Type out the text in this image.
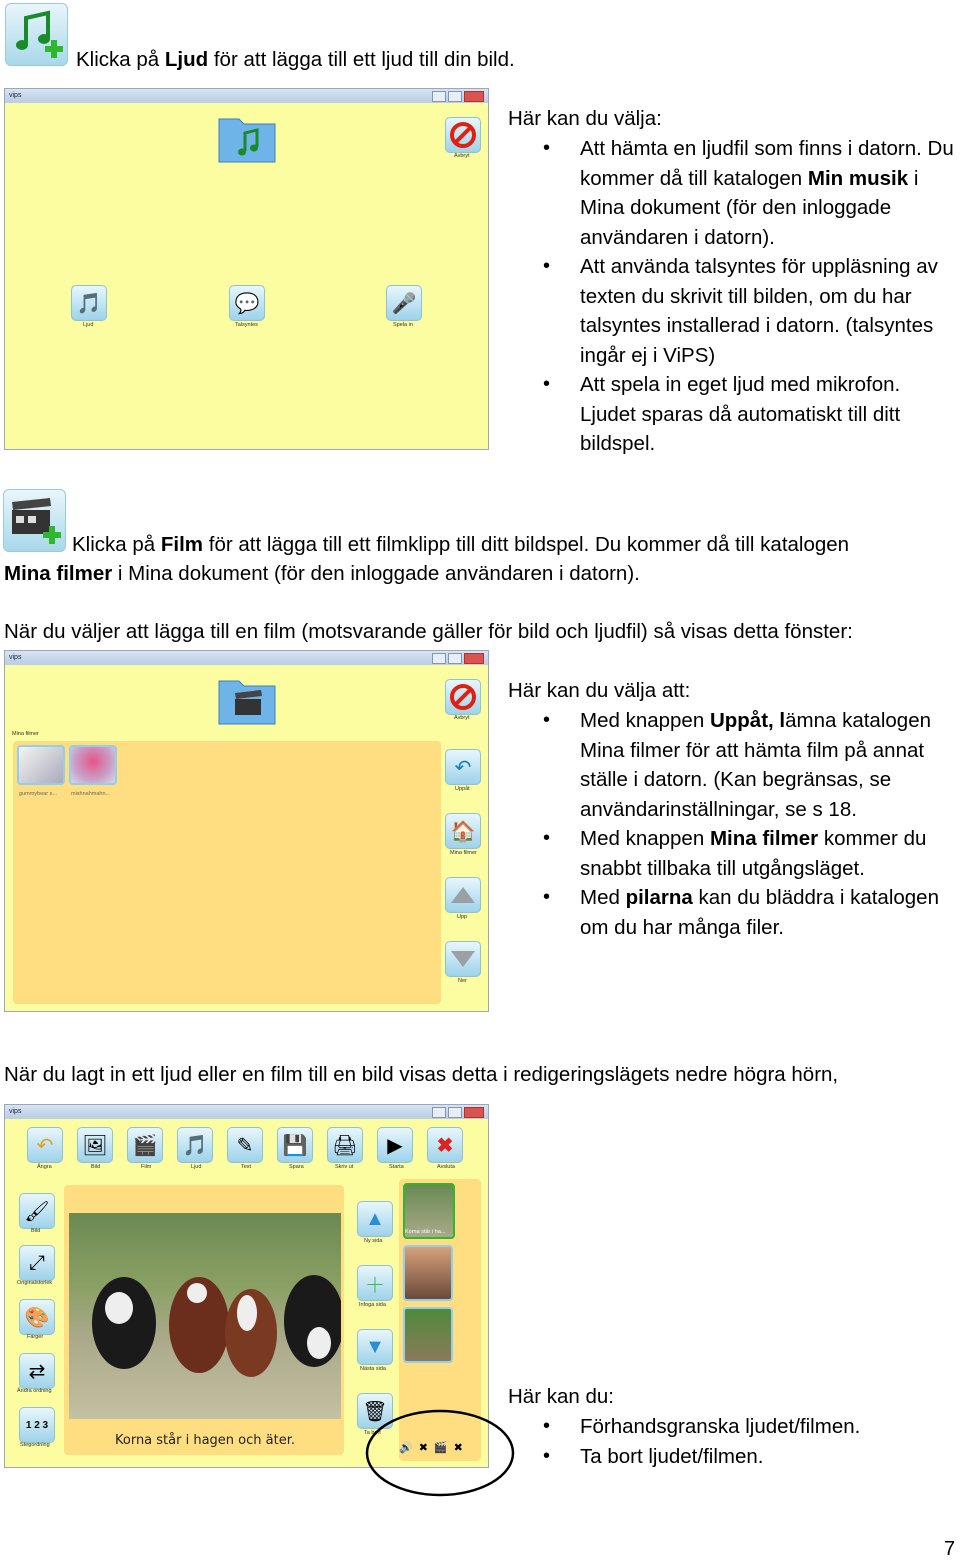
Klicka på Ljud för att lägga till ett ljud till din bild.
vips
Avbryt
🎵
Ljud
💬
Talsyntes
🎤
Spela in
Här kan du välja:
• Att hämta en ljudfil som finns i datorn. Du kommer då till katalogen Min musik i Mina dokument (för den inloggade användaren i datorn).
• Att använda talsyntes för uppläsning av texten du skrivit till bilden, om du har talsyntes installerad i datorn. (talsyntes ingår ej i ViPS)
• Att spela in eget ljud med mikrofon. Ljudet sparas då automatiskt till ditt bildspel.
Klicka på Film för att lägga till ett filmklipp till ditt bildspel. Du kommer då till katalogen
Mina filmer i Mina dokument (för den inloggade användaren i datorn).
När du väljer att lägga till en film (motsvarande gäller för bild och ljudfil) så visas detta fönster:
vips
Mina filmer
gummybear s...	mishnahmahn...
Avbryt
↶
Uppåt
🏠
Mina filmer
Upp
Ner
Här kan du välja att:
• Med knappen Uppåt, lämna katalogen Mina filmer för att hämta film på annat ställe i datorn. (Kan begränsas, se användarinställningar, se s 18.
• Med knappen Mina filmer kommer du snabbt tillbaka till utgångsläget.
• Med pilarna kan du bläddra i katalogen om du har många filer.
När du lagt in ett ljud eller en film till en bild visas detta i redigeringslägets nedre högra hörn,
vips
↶
Ångra
🖼
Bild
🎬
Film
🎵
Ljud
✎
Text
💾
Spara
🖨
Skriv ut
▶
Starta
✖
Avsluta
🖌
Bild
⤢
Originalstorlek
🎨
Färger
⇄
Ändra ordning
1 2 3
Stegordning	Korna står i hagen och äter.
▲
Ny sida
＋
Infoga sida
▼
Nästa sida
🗑
Ta bort
Korna står i ha...
🔊 ✖ 🎬 ✖
Här kan du:
• Förhandsgranska ljudet/filmen.
• Ta bort ljudet/filmen.
7
